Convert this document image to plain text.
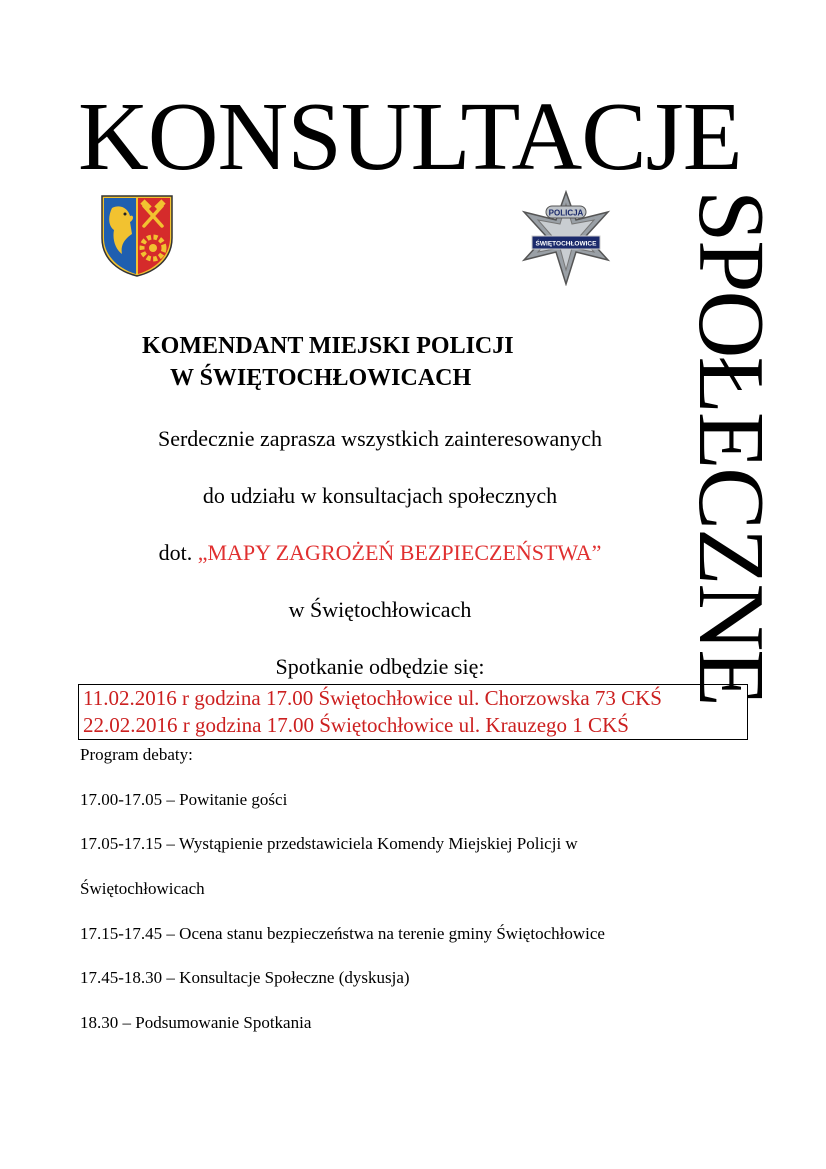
KONSULTACJE
SPOŁECZNE
POLICJA
ŚWIĘTOCHŁOWICE
KOMENDANT MIEJSKI POLICJI
W ŚWIĘTOCHŁOWICACH
Serdecznie zaprasza wszystkich zainteresowanych
do udziału w konsultacjach społecznych
dot. „MAPY ZAGROŻEŃ BEZPIECZEŃSTWA”
w Świętochłowicach
Spotkanie odbędzie się:
11.02.2016 r godzina 17.00 Świętochłowice ul. Chorzowska 73 CKŚ
22.02.2016 r godzina 17.00 Świętochłowice ul. Krauzego 1 CKŚ
Program debaty:
17.00-17.05 – Powitanie gości
17.05-17.15 – Wystąpienie przedstawiciela Komendy Miejskiej Policji w
Świętochłowicach
17.15-17.45 – Ocena stanu bezpieczeństwa na terenie gminy Świętochłowice
17.45-18.30 – Konsultacje Społeczne (dyskusja)
18.30 – Podsumowanie Spotkania
